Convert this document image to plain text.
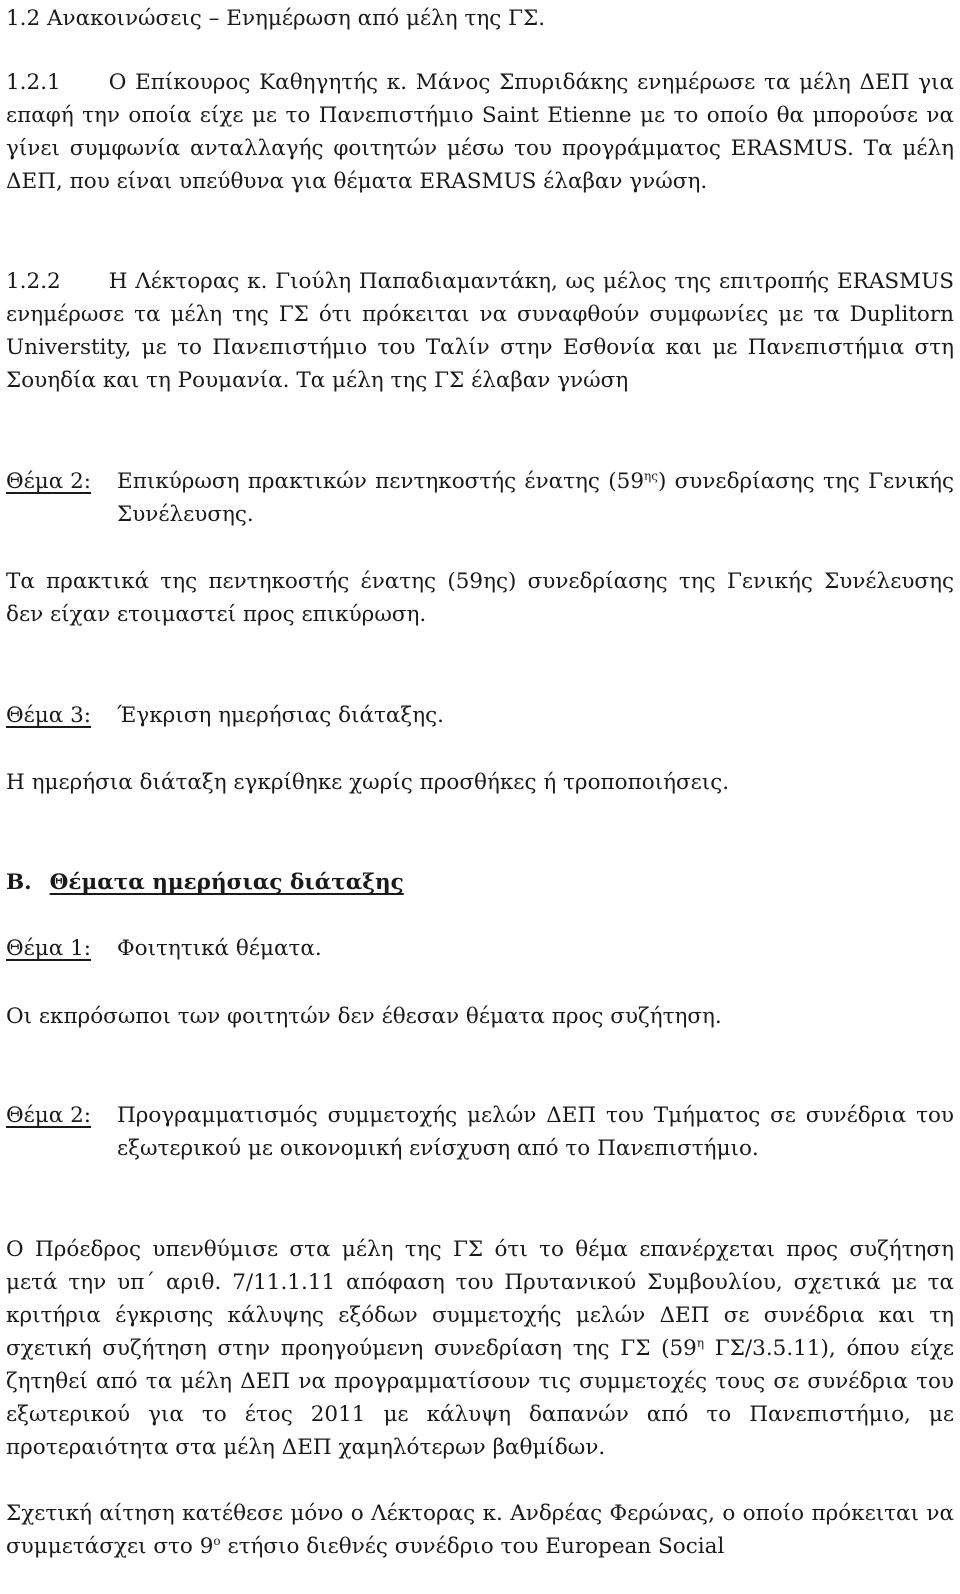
1.2 Ανακοινώσεις – Ενημέρωση από μέλη της ΓΣ.

1.2.1 Ο Επίκουρος Καθηγητής κ. Μάνος Σπυριδάκης ενημέρωσε τα μέλη ΔΕΠ για επαφή την οποία είχε με το Πανεπιστήμιο Saint Etienne με το οποίο θα μπορούσε να γίνει συμφωνία ανταλλαγής φοιτητών μέσω του προγράμματος ERASMUS. Τα μέλη ΔΕΠ, που είναι υπεύθυνα για θέματα ERASMUS έλαβαν γνώση.

1.2.2 Η Λέκτορας κ. Γιούλη Παπαδιαμαντάκη, ως μέλος της επιτροπής ERASMUS ενημέρωσε τα μέλη της ΓΣ ότι πρόκειται να συναφθούν συμφωνίες με τα Duplitorn Universtity, με το Πανεπιστήμιο του Ταλίν στην Εσθονία και με Πανεπιστήμια στη Σουηδία και τη Ρουμανία. Τα μέλη της ΓΣ έλαβαν γνώση

Θέμα 2:	Επικύρωση πρακτικών πεντηκοστής ένατης $(59^{\eta\varsigma})$ συνεδρίασης της Γενικής Συνέλευσης.

Τα πρακτικά της πεντηκοστής ένατης (59ης) συνεδρίασης της Γενικής Συνέλευσης δεν είχαν ετοιμαστεί προς επικύρωση.

Θέμα 3:	Έγκριση ημερήσιας διάταξης.

Η ημερήσια διάταξη εγκρίθηκε χωρίς προσθήκες ή τροποποιήσεις.

Β. Θέματα ημερήσιας διάταξης

Θέμα 1:	Φοιτητικά θέματα.

Οι εκπρόσωποι των φοιτητών δεν έθεσαν θέματα προς συζήτηση.

Θέμα 2:	Προγραμματισμός συμμετοχής μελών ΔΕΠ του Τμήματος σε συνέδρια του εξωτερικού με οικονομική ενίσχυση από το Πανεπιστήμιο.

Ο Πρόεδρος υπενθύμισε στα μέλη της ΓΣ ότι το θέμα επανέρχεται προς συζήτηση μετά την υπ΄ αριθ. 7/11.1.11 απόφαση του Πρυτανικού Συμβουλίου, σχετικά με τα κριτήρια έγκρισης κάλυψης εξόδων συμμετοχής μελών ΔΕΠ σε συνέδρια και τη σχετική συζήτηση στην προηγούμενη συνεδρίαση της ΓΣ ($59^\eta$ ΓΣ/3.5.11), όπου είχε ζητηθεί από τα μέλη ΔΕΠ να προγραμματίσουν τις συμμετοχές τους σε συνέδρια του εξωτερικού για το έτος 2011 με κάλυψη δαπανών από το Πανεπιστήμιο, με προτεραιότητα στα μέλη ΔΕΠ χαμηλότερων βαθμίδων.

Σχετική αίτηση κατέθεσε μόνο ο Λέκτορας κ. Ανδρέας Φερώνας, ο οποίο πρόκειται να συμμετάσχει στο $9^o$ ετήσιο διεθνές συνέδριο του European Social
